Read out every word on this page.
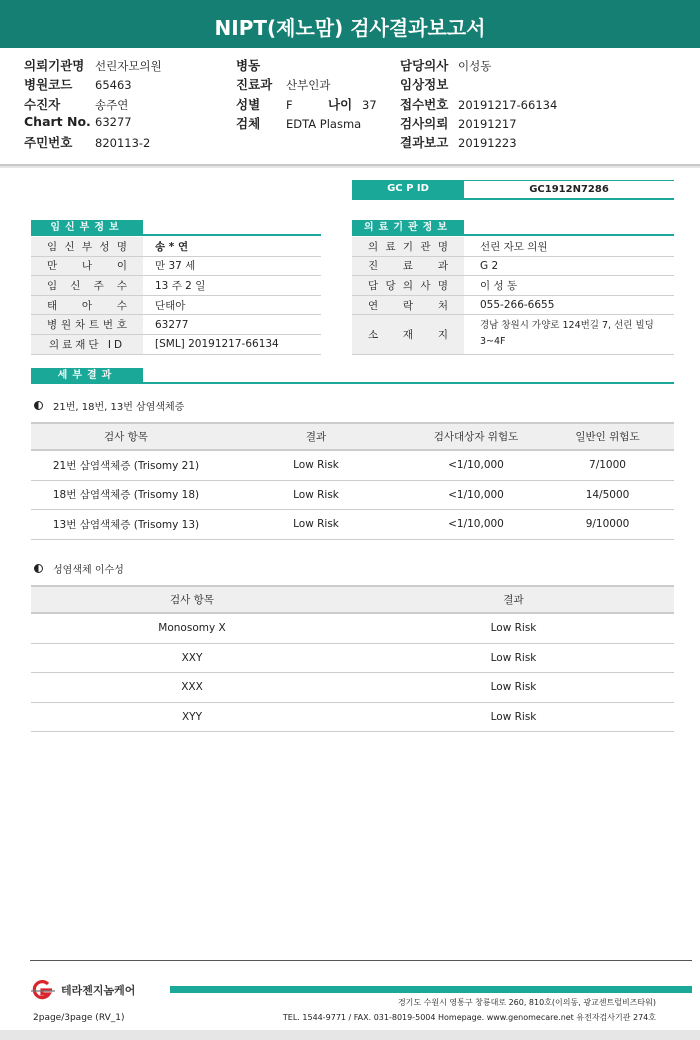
NIPT(제노맘) 검사결과보고서
의뢰기관명 선린자모의원
병원코드 65463
수진자	송주연
Chart No. 63277
주민번호 820113-2
병동
진료과 산부인과
성별 F	나이 37
검체 EDTA Plasma
담당의사 이성동
임상정보
접수번호 20191217-66134
검사의뢰 20191217
결과보고 20191223
GC P ID	GC1912N7286
임신부정보
임 신 부 성 명	송 * 연
만 나 이	만 37 세
임 신 주 수	13 주 2 일
태 아 수	단태아
병 원 차 트 번 호	63277
의료재단 ID	[SML] 20191217-66134
의료기관정보
의 료 기 관 명	선린 자모 의원
진 료 과	G 2
담 당 의 사 명	이 성 동
연 락 처	055-266-6655
소 재 지
경남 창원시 가양로 124번길 7, 선린 빌딩 3~4F
세부결과
21번, 18번, 13번 삼염색체증
검사 항목	결과	검사대상자 위험도	일반인 위험도
21번 삼염색체증 (Trisomy 21)	Low Risk	<1/10,000	7/1000
18번 삼염색체증 (Trisomy 18)	Low Risk	<1/10,000	14/5000
13번 삼염색체증 (Trisomy 13)	Low Risk	<1/10,000	9/10000
성염색체 이수성
검사 항목	결과
Monosomy X	Low Risk
XXY	Low Risk
XXX	Low Risk
XYY	Low Risk
테라젠지놈케어
경기도 수원시 영통구 창룡대로 260, 810호(이의동, 광교센트럴비즈타워)
TEL. 1544-9771 / FAX. 031-8019-5004 Homepage. www.genomecare.net 유전자검사기관 274호
2page/3page (RV_1)
